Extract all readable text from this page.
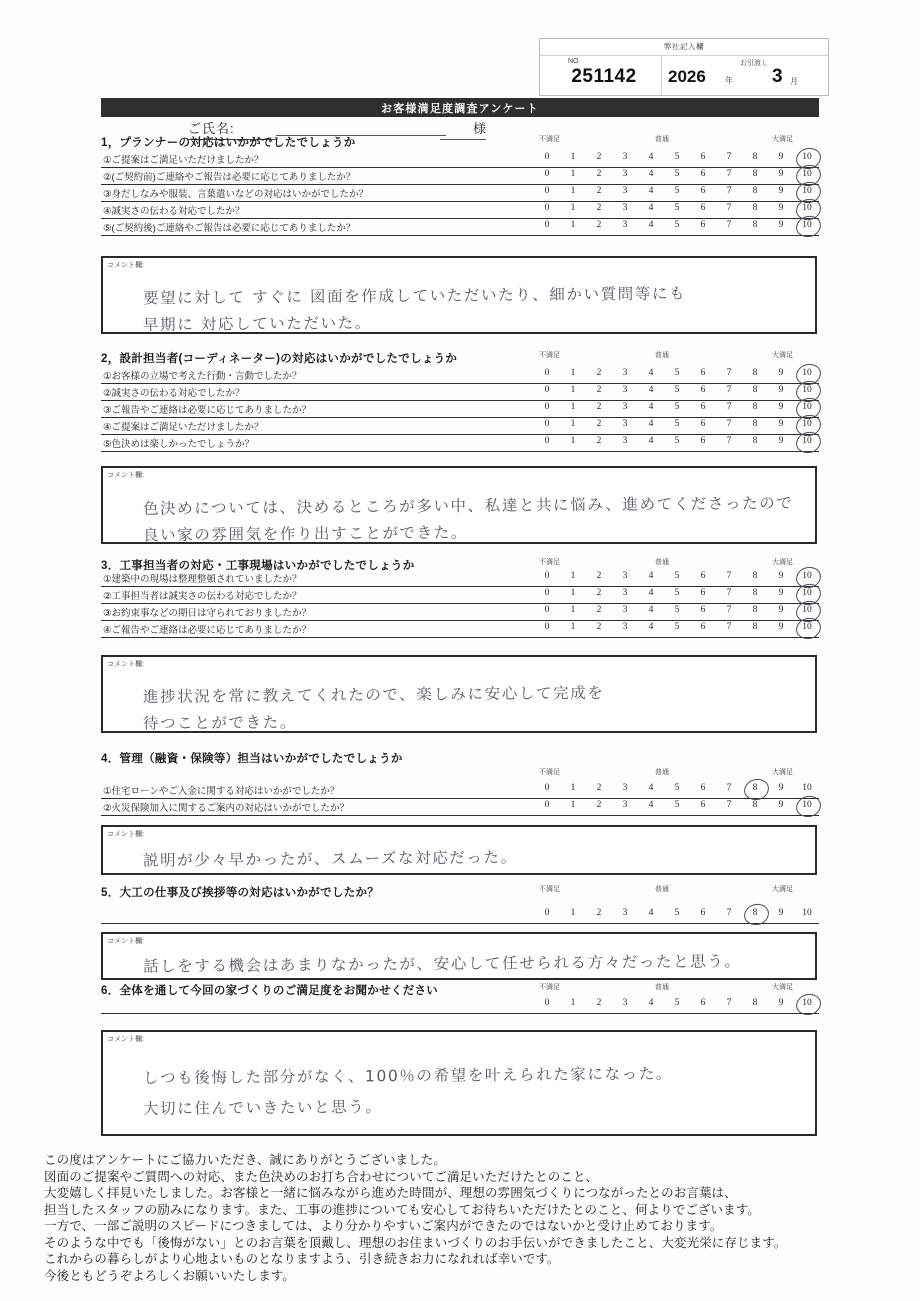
ご氏名:	様
弊社記入欄
NO
251142
お引渡し
2026 年 3 月
お客様満足度調査アンケート
1，プランナーの対応はいかがでしたでしょうか	不満足	普通	大満足
①ご提案はご満足いただけましたか？	0	1	2	3	4	5	6	7	8	9	10
②(ご契約前)ご連絡やご報告は必要に応じてありましたか？	0	1	2	3	4	5	6	7	8	9	10
③身だしなみや服装、言葉遣いなどの対応はいかがでしたか？	0	1	2	3	4	5	6	7	8	9	10
④誠実さの伝わる対応でしたか？	0	1	2	3	4	5	6	7	8	9	10
⑤(ご契約後)ご連絡やご報告は必要に応じてありましたか？	0	1	2	3	4	5	6	7	8	9	10
コメント欄:
要望に対して すぐに 図面を作成していただいたり、細かい質問等にも
早期に 対応していただいた。
2，設計担当者(コーディネーター)の対応はいかがでしたでしょうか	不満足	普通	大満足
①お客様の立場で考えた行動・言動でしたか？	0	1	2	3	4	5	6	7	8	9	10
②誠実さの伝わる対応でしたか？	0	1	2	3	4	5	6	7	8	9	10
③ご報告やご連絡は必要に応じてありましたか？	0	1	2	3	4	5	6	7	8	9	10
④ご提案はご満足いただけましたか？	0	1	2	3	4	5	6	7	8	9	10
⑤色決めは楽しかったでしょうか？	0	1	2	3	4	5	6	7	8	9	10
コメント欄:
色決めについては、決めるところが多い中、私達と共に悩み、進めてくださったので
良い家の雰囲気を作り出すことができた。
3．工事担当者の対応・工事現場はいかがでしたでしょうか	不満足	普通	大満足
①建築中の現場は整理整頓されていましたか？	0	1	2	3	4	5	6	7	8	9	10
②工事担当者は誠実さの伝わる対応でしたか？	0	1	2	3	4	5	6	7	8	9	10
③お約束事などの期日は守られておりましたか？	0	1	2	3	4	5	6	7	8	9	10
④ご報告やご連絡は必要に応じてありましたか？	0	1	2	3	4	5	6	7	8	9	10
コメント欄:
進捗状況を常に教えてくれたので、楽しみに安心して完成を
待つことができた。
4．管理（融資・保険等）担当はいかがでしたでしょうか
不満足	普通	大満足
①住宅ローンやご入金に関する対応はいかがでしたか？	0	1	2	3	4	5	6	7	8	9	10
②火災保険加入に関するご案内の対応はいかがでしたか？	0	1	2	3	4	5	6	7	8	9	10
コメント欄:
説明が少々早かったが、スムーズな対応だった。
5．大工の仕事及び挨拶等の対応はいかがでしたか？	不満足	普通	大満足
0	1	2	3	4	5	6	7	8	9	10
コメント欄:
話しをする機会はあまりなかったが、安心して任せられる方々だったと思う。
6．全体を通して今回の家づくりのご満足度をお聞かせください	不満足	普通	大満足
0	1	2	3	4	5	6	7	8	9	10
コメント欄:
しつも後悔した部分がなく、100％の希望を叶えられた家になった。
大切に住んでいきたいと思う。
この度はアンケートにご協力いただき、誠にありがとうございました。
図面のご提案やご質問への対応、また色決めのお打ち合わせについてご満足いただけたとのこと、
大変嬉しく拝見いたしました。お客様と一緒に悩みながら進めた時間が、理想の雰囲気づくりにつながったとのお言葉は、
担当したスタッフの励みになります。また、工事の進捗についても安心してお待ちいただけたとのこと、何よりでございます。
一方で、一部ご説明のスピードにつきましては、より分かりやすいご案内ができたのではないかと受け止めております。
そのような中でも「後悔がない」とのお言葉を頂戴し、理想のお住まいづくりのお手伝いができましたこと、大変光栄に存じます。
これからの暮らしがより心地よいものとなりますよう、引き続きお力になれれば幸いです。
今後ともどうぞよろしくお願いいたします。
